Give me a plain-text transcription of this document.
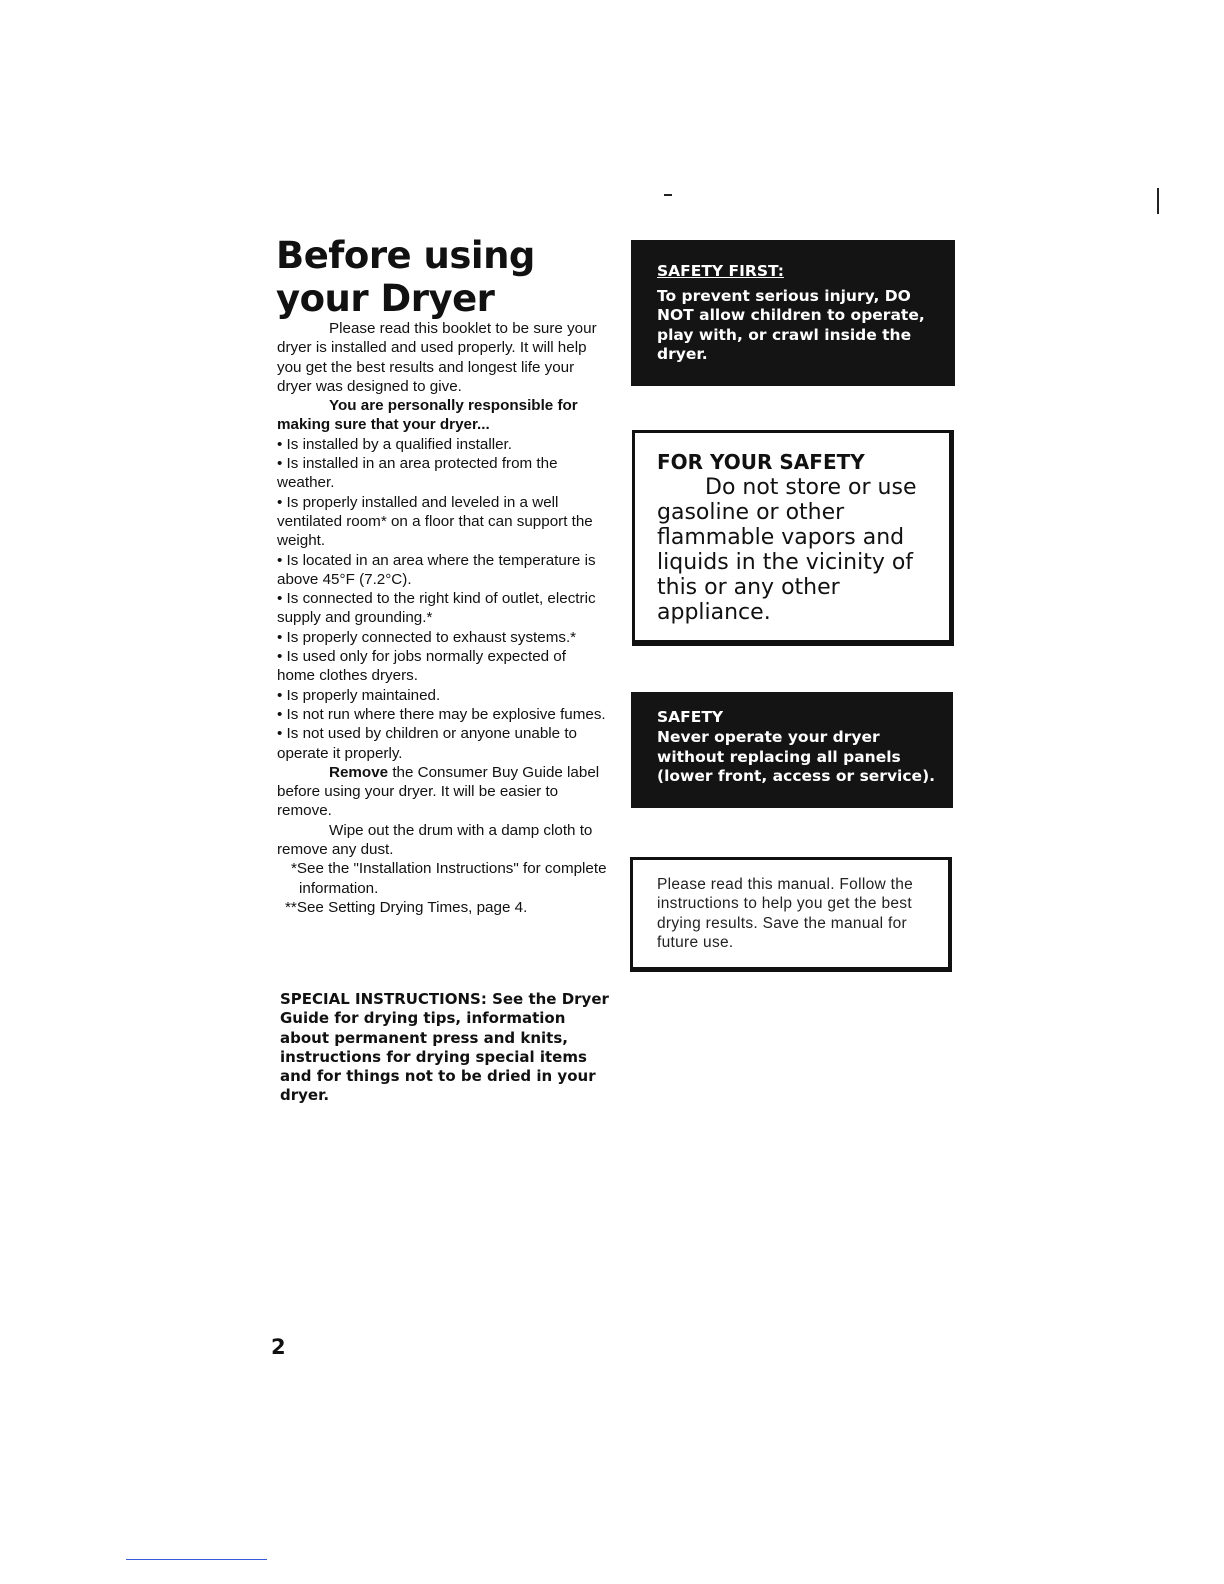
Before using
your Dryer

Please read this booklet to be sure your dryer is installed and used properly. It will help you get the best results and longest life your dryer was designed to give.

You are personally responsible for making sure that your dryer...

• Is installed by a qualified installer.

• Is installed in an area protected from the weather.

• Is properly installed and leveled in a well ventilated room* on a floor that can support the weight.

• Is located in an area where the temperature is above 45°F (7.2°C).

• Is connected to the right kind of outlet, electric supply and grounding.*

• Is properly connected to exhaust systems.*

• Is used only for jobs normally expected of home clothes dryers.

• Is properly maintained.

• Is not run where there may be explosive fumes.

• Is not used by children or anyone unable to operate it properly.

Remove the Consumer Buy Guide label before using your dryer. It will be easier to remove.

Wipe out the drum with a damp cloth to remove any dust.

*See the "Installation Instructions" for complete information.

**See Setting Drying Times, page 4.

SPECIAL INSTRUCTIONS: See the Dryer Guide for drying tips, information about permanent press and knits, instructions for drying special items and for things not to be dried in your dryer.

SAFETY FIRST:
To prevent serious injury, DO NOT allow children to operate, play with, or crawl inside the dryer.
FOR YOUR SAFETY
Do not store or use gasoline or other flammable vapors and liquids in the vicinity of this or any other appliance.
SAFETY
Never operate your dryer without replacing all panels (lower front, access or service).
Please read this manual. Follow the instructions to help you get the best drying results. Save the manual for future use.
2
